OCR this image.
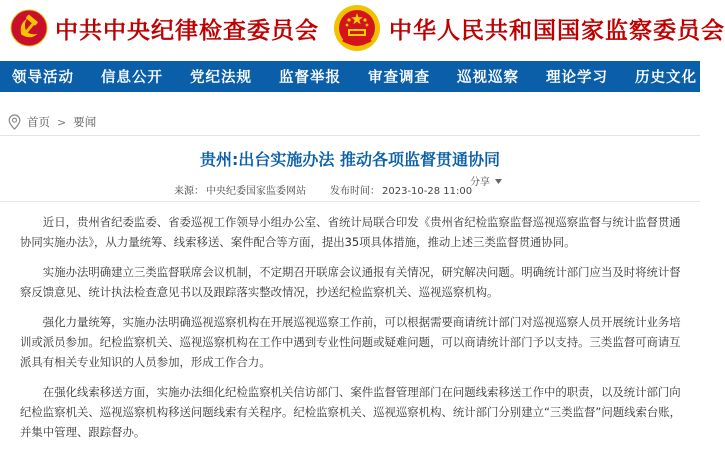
中共中央纪律检查委员会	中华人民共和国国家监察委员会
领导活动 信息公开 党纪法规 监督举报 审查调查 巡视巡察 理论学习 历史文化
首页 > 要闻
贵州:出台实施办法 推动各项监督贯通协同
来源： 中央纪委国家监委网站 发布时间： 2023-10-28 11:00
分享

近日，贵州省纪委监委、省委巡视工作领导小组办公室、省统计局联合印发《贵州省纪检监察监督巡视巡察监督与统计监督贯通协同实施办法》，从力量统筹、线索移送、案件配合等方面，提出35项具体措施，推动上述三类监督贯通协同。

实施办法明确建立三类监督联席会议机制，不定期召开联席会议通报有关情况，研究解决问题。明确统计部门应当及时将统计督察反馈意见、统计执法检查意见书以及跟踪落实整改情况，抄送纪检监察机关、巡视巡察机构。

强化力量统筹，实施办法明确巡视巡察机构在开展巡视巡察工作前，可以根据需要商请统计部门对巡视巡察人员开展统计业务培训或派员参加。纪检监察机关、巡视巡察机构在工作中遇到专业性问题或疑难问题，可以商请统计部门予以支持。三类监督可商请互派具有相关专业知识的人员参加，形成工作合力。

在强化线索移送方面，实施办法细化纪检监察机关信访部门、案件监督管理部门在问题线索移送工作中的职责，以及统计部门向纪检监察机关、巡视巡察机构移送问题线索有关程序。纪检监察机关、巡视巡察机构、统计部门分别建立“三类监督”问题线索台账，并集中管理、跟踪督办。
